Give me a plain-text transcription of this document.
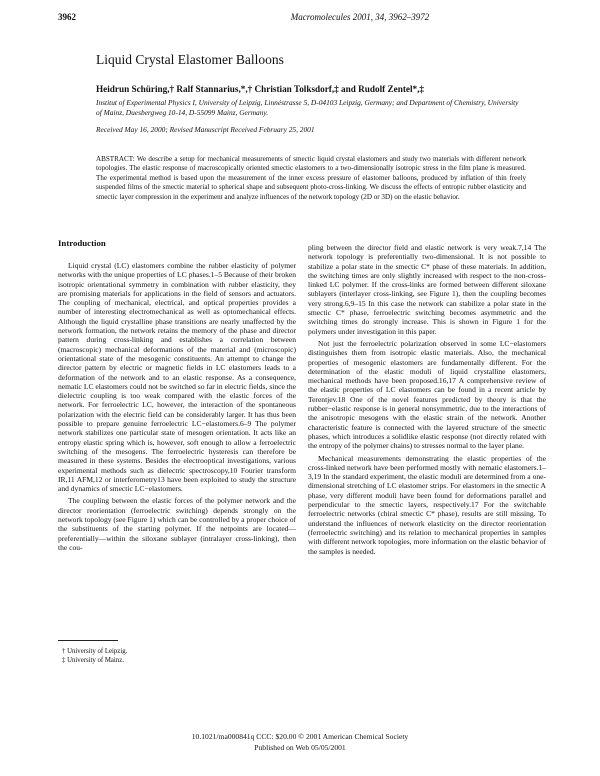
3962	Macromolecules 2001, 34, 3962–3972
Liquid Crystal Elastomer Balloons
Heidrun Schüring,† Ralf Stannarius,*,† Christian Tolksdorf,‡ and Rudolf Zentel*,‡
Institut of Experimental Physics I, University of Leipzig, Linnéstrasse 5, D-04103 Leipzig, Germany; and Department of Chemistry, University of Mainz, Duesbergweg 10-14, D-55099 Mainz, Germany.
Received May 16, 2000; Revised Manuscript Received February 25, 2001
ABSTRACT: We describe a setup for mechanical measurements of smectic liquid crystal elastomers and study two materials with different network topologies. The elastic response of macroscopically oriented smectic elastomers to a two-dimensionally isotropic stress in the film plane is measured. The experimental method is based upon the measurement of the inner excess pressure of elastomer balloons, produced by inflation of thin freely suspended films of the smectic material to spherical shape and subsequent photo-cross-linking. We discuss the effects of entropic rubber elasticity and smectic layer compression in the experiment and analyze influences of the network topology (2D or 3D) on the elastic behavior.
Introduction

Liquid crystal (LC) elastomers combine the rubber elasticity of polymer networks with the unique properties of LC phases.1–5 Because of their broken isotropic orientational symmetry in combination with rubber elasticity, they are promising materials for applications in the field of sensors and actuators. The coupling of mechanical, electrical, and optical properties provides a number of interesting electromechanical as well as optomechanical effects. Although the liquid crystalline phase transitions are nearly unaffected by the network formation, the network retains the memory of the phase and director pattern during cross-linking and establishes a correlation between (macroscopic) mechanical deformations of the material and (microscopic) orientational state of the mesogenic constituents. An attempt to change the director pattern by electric or magnetic fields in LC elastomers leads to a deformation of the network and to an elastic response. As a consequence, nematic LC elastomers could not be switched so far in electric fields, since the dielectric coupling is too weak compared with the elastic forces of the network. For ferroelectric LC, however, the interaction of the spontaneous polarization with the electric field can be considerably larger. It has thus been possible to prepare genuine ferroelectric LC−elastomers.6–9 The polymer network stabilizes one particular state of mesogen orientation. It acts like an entropy elastic spring which is, however, soft enough to allow a ferroelectric switching of the mesogens. The ferroelectric hysteresis can therefore be measured in these systems. Besides the electrooptical investigations, various experimental methods such as dielectric spectroscopy,10 Fourier transform IR,11 AFM,12 or interferometry13 have been exploited to study the structure and dynamics of smectic LC−elastomers.

The coupling between the elastic forces of the polymer network and the director reorientation (ferroelectric switching) depends strongly on the network topology (see Figure 1) which can be controlled by a proper choice of the substituents of the starting polymer. If the netpoints are located—preferentially—within the siloxane sublayer (intralayer cross-linking), then the cou-

pling between the director field and elastic network is very weak.7,14 The network topology is preferentially two-dimensional. It is not possible to stabilize a polar state in the smectic C* phase of these materials. In addition, the switching times are only slightly increased with respect to the non-cross-linked LC polymer. If the cross-links are formed between different siloxane sublayers (interlayer cross-linking, see Figure 1), then the coupling becomes very strong.6,9–15 In this case the network can stabilize a polar state in the smectic C* phase, ferroelectric switching becomes asymmetric and the switching times do strongly increase. This is shown in Figure 1 for the polymers under investigation in this paper.

Not just the ferroelectric polarization observed in some LC−elastomers distinguishes them from isotropic elastic materials. Also, the mechanical properties of mesogenic elastomers are fundamentally different. For the determination of the elastic moduli of liquid crystalline elastomers, mechanical methods have been proposed.16,17 A comprehensive review of the elastic properties of LC elastomers can be found in a recent article by Terentjev.18 One of the novel features predicted by theory is that the rubber−elastic response is in general nonsymmetric, due to the interactions of the anisotropic mesogens with the elastic strain of the network. Another characteristic feature is connected with the layered structure of the smectic phases, which introduces a solidlike elastic response (not directly related with the entropy of the polymer chains) to stresses normal to the layer plane.

Mechanical measurements demonstrating the elastic properties of the cross-linked network have been performed mostly with nematic elastomers.1–3,19 In the standard experiment, the elastic moduli are determined from a one-dimensional stretching of LC elastomer strips. For elastomers in the smectic A phase, very different moduli have been found for deformations parallel and perpendicular to the smectic layers, respectively.17 For the switchable ferroelectric networks (chiral smectic C* phase), results are still missing. To understand the influences of network elasticity on the director reorientation (ferroelectric switching) and its relation to mechanical properties in samples with different network topologies, more information on the elastic behavior of the samples is needed.

† University of Leipzig.
‡ University of Mainz.
10.1021/ma000841q CCC: $20.00 © 2001 American Chemical Society
Published on Web 05/05/2001
